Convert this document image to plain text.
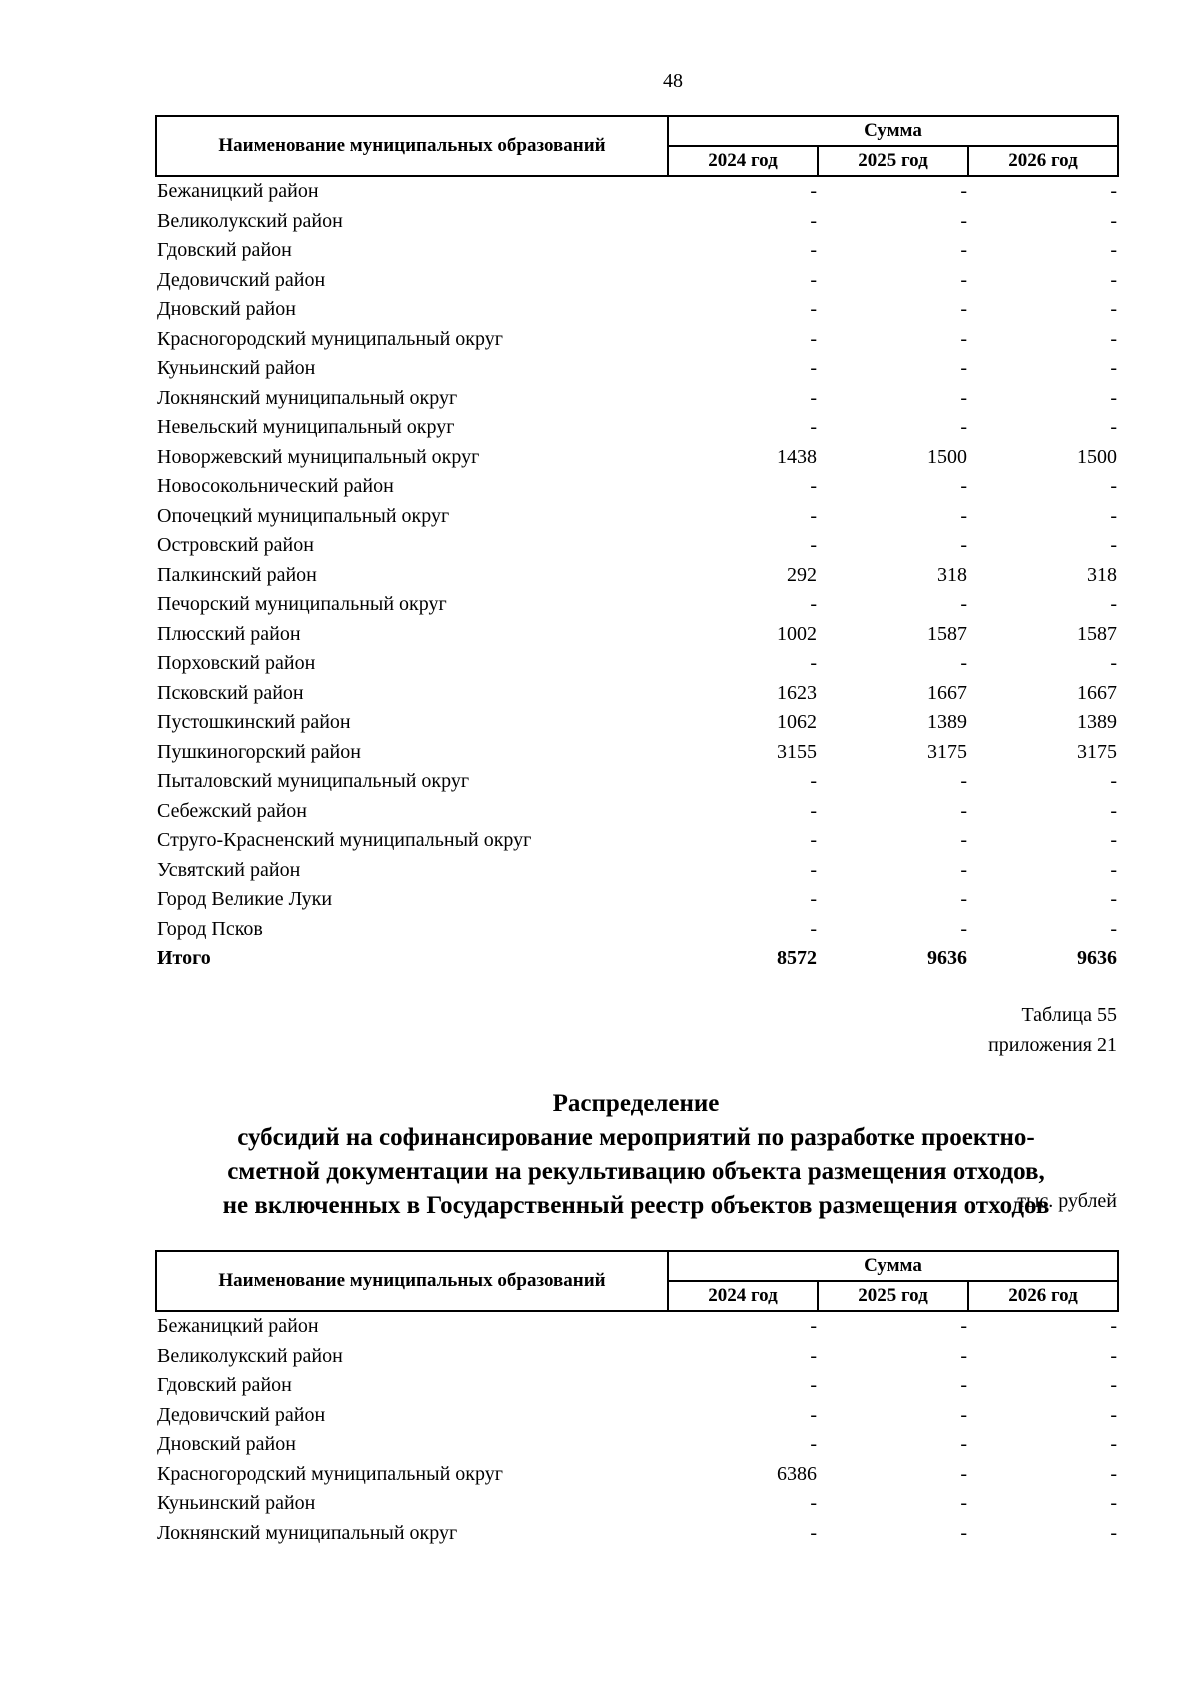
48
Наименование муниципальных образований	Сумма		
	2024 год	2025 год	2026 год
Бежаницкий район	-	-	-
Великолукский район	-	-	-
Гдовский район	-	-	-
Дедовичский район	-	-	-
Дновский район	-	-	-
Красногородский муниципальный округ	-	-	-
Куньинский район	-	-	-
Локнянский муниципальный округ	-	-	-
Невельский муниципальный округ	-	-	-
Новоржевский муниципальный округ	1438	1500	1500
Новосокольнический район	-	-	-
Опочецкий муниципальный округ	-	-	-
Островский район	-	-	-
Палкинский район	292	318	318
Печорский муниципальный округ	-	-	-
Плюсский район	1002	1587	1587
Порховский район	-	-	-
Псковский район	1623	1667	1667
Пустошкинский район	1062	1389	1389
Пушкиногорский район	3155	3175	3175
Пыталовский муниципальный округ	-	-	-
Себежский район	-	-	-
Струго-Красненский муниципальный округ	-	-	-
Усвятский район	-	-	-
Город Великие Луки	-	-	-
Город Псков	-	-	-
Итого	8572	9636	9636
Таблица 55
приложения 21
Распределение
субсидий на софинансирование мероприятий по разработке проектно-
сметной документации на рекультивацию объекта размещения отходов,
не включенных в Государственный реестр объектов размещения отходов
тыс. рублей
Наименование муниципальных образований	Сумма		
	2024 год	2025 год	2026 год
Бежаницкий район	-	-	-
Великолукский район	-	-	-
Гдовский район	-	-	-
Дедовичский район	-	-	-
Дновский район	-	-	-
Красногородский муниципальный округ	6386	-	-
Куньинский район	-	-	-
Локнянский муниципальный округ	-	-	-
